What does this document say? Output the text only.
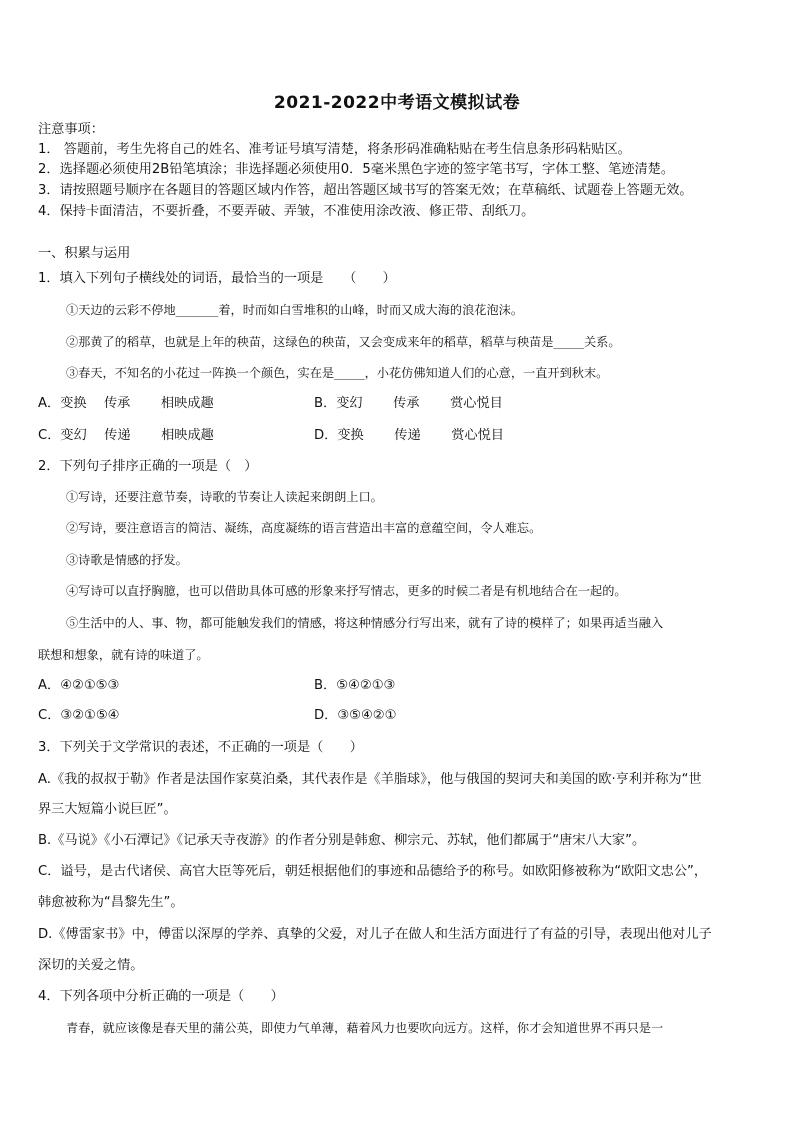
2021-2022中考语文模拟试卷
注意事项：
1． 答题前，考生先将自己的姓名、准考证号填写清楚，将条形码准确粘贴在考生信息条形码粘贴区。
2．选择题必须使用2B铅笔填涂；非选择题必须使用0．5毫米黑色字迹的签字笔书写，字体工整、笔迹清楚。
3．请按照题号顺序在各题目的答题区域内作答，超出答题区域书写的答案无效；在草稿纸、试题卷上答题无效。
4．保持卡面清洁，不要折叠，不要弄破、弄皱，不准使用涂改液、修正带、刮纸刀。
一、积累与运用
1．填入下列句子横线处的词语，最恰当的一项是　　（　　）
①天边的云彩不停地_______着，时而如白雪堆积的山峰，时而又成大海的浪花泡沫。
②那黄了的稻草，也就是上年的秧苗，这绿色的秧苗，又会变成来年的稻草，稻草与秧苗是_____关系。
③春天，不知名的小花过一阵换一个颜色，实在是_____，小花仿佛知道人们的心意，一直开到秋末。
A．变换　 传承　　 相映成趣	B．变幻　　 传承　　 赏心悦目
C．变幻　 传递　　 相映成趣	D．变换　　 传递　　 赏心悦目
2．下列句子排序正确的一项是（　）
①写诗，还要注意节奏，诗歌的节奏让人读起来朗朗上口。
②写诗，要注意语言的简洁、凝练，高度凝练的语言营造出丰富的意蕴空间，令人难忘。
③诗歌是情感的抒发。
④写诗可以直抒胸臆，也可以借助具体可感的形象来抒写情志，更多的时候二者是有机地结合在一起的。
⑤生活中的人、事、物，都可能触发我们的情感，将这种情感分行写出来，就有了诗的模样了；如果再适当融入
联想和想象，就有诗的味道了。
A．④②①⑤③	B．⑤④②①③
C．③②①⑤④	D．③⑤④②①
3．下列关于文学常识的表述，不正确的一项是（　　）
A.《我的叔叔于勒》作者是法国作家莫泊桑，其代表作是《羊脂球》，他与俄国的契诃夫和美国的欧·亨利并称为“世
界三大短篇小说巨匠”。
B.《马说》《小石潭记》《记承天寺夜游》的作者分别是韩愈、柳宗元、苏轼，他们都属于“唐宋八大家”。
C．谥号，是古代诸侯、高官大臣等死后，朝廷根据他们的事迹和品德给予的称号。如欧阳修被称为“欧阳文忠公”，
韩愈被称为“昌黎先生”。
D.《傅雷家书》中，傅雷以深厚的学养、真挚的父爱，对儿子在做人和生活方面进行了有益的引导，表现出他对儿子
深切的关爱之情。
4．下列各项中分析正确的一项是（　　）
青春，就应该像是春天里的蒲公英，即使力气单薄，藉着风力也要吹向远方。这样，你才会知道世界不再只是一
